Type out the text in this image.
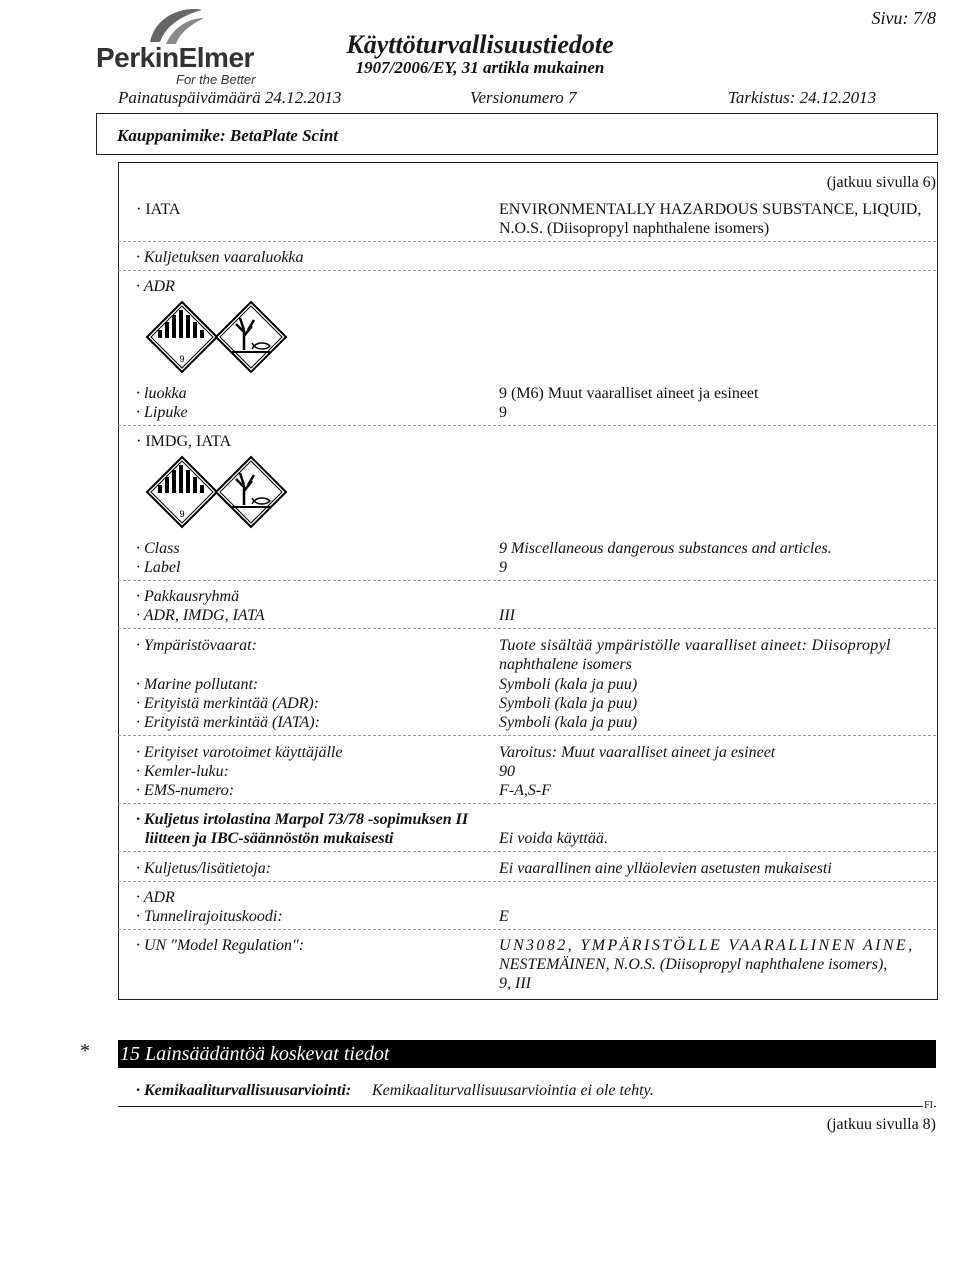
PerkinElmer
For the Better
Käyttöturvallisuustiedote
1907/2006/EY, 31 artikla mukainen
Sivu: 7/8
Painatuspäivämäärä 24.12.2013	Versionumero 7	Tarkistus: 24.12.2013
Kauppanimike: BetaPlate Scint
(jatkuu sivulla 6)
· IATA	ENVIRONMENTALLY HAZARDOUS SUBSTANCE, LIQUID,
N.O.S. (Diisopropyl naphthalene isomers)
· Kuljetuksen vaaraluokka
· ADR
9
· luokka	9 (M6) Muut vaaralliset aineet ja esineet
· Lipuke	9
· IMDG, IATA
9
· Class	9 Miscellaneous dangerous substances and articles.
· Label	9
· Pakkausryhmä
· ADR, IMDG, IATA	III
· Ympäristövaarat:	Tuote sisältää ympäristölle vaaralliset aineet: Diisopropyl
naphthalene isomers
· Marine pollutant:	Symboli (kala ja puu)
· Erityistä merkintää (ADR):	Symboli (kala ja puu)
· Erityistä merkintää (IATA):	Symboli (kala ja puu)
· Erityiset varotoimet käyttäjälle	Varoitus: Muut vaaralliset aineet ja esineet
· Kemler-luku:	90
· EMS-numero:	F-A,S-F
· Kuljetus irtolastina Marpol 73/78 -sopimuksen II
liitteen ja IBC-säännöstön mukaisesti	Ei voida käyttää.
· Kuljetus/lisätietoja:	Ei vaarallinen aine ylläolevien asetusten mukaisesti
· ADR
· Tunnelirajoituskoodi:	E
· UN "Model Regulation":	UN3082, YMPÄRISTÖLLE VAARALLINEN AINE,
NESTEMÄINEN, N.O.S. (Diisopropyl naphthalene isomers),
9, III
* 15 Lainsäädäntöä koskevat tiedot
· Kemikaaliturvallisuusarviointi: Kemikaaliturvallisuusarviointia ei ole tehty.
FI
(jatkuu sivulla 8)
